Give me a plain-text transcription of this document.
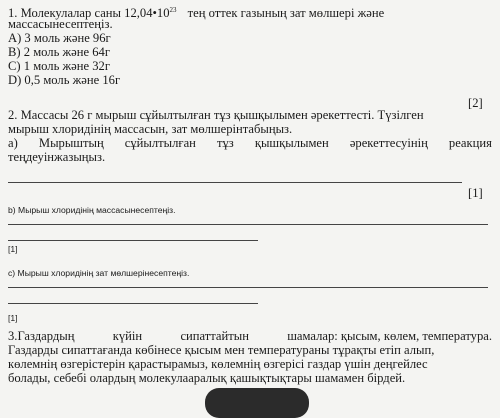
1. Молекулалар саны $12,04•10^{23}$ тең оттек газының зат мөлшері және
массасынесептеңіз.
A) 3 моль және 96г
B) 2 моль және 64г
C) 1 моль және 32г
D) 0,5 моль және 16г
[2]
2. Массасы 26 г мырыш сұйылтылған тұз қышқылымен әрекеттесті. Түзілген
мырыш хлоридінің массасын, зат мөлшерінтабыңыз.
а) Мырыштың сұйылтылған тұз қышқылымен әрекеттесуінің реакция
теңдеуінжазыңыз.
[1]
b) Мырыш хлоридінің массасынесептеңіз.
[1]
c) Мырыш хлоридінің зат мөлшерінесептеңіз.
[1]
3.Газдардың	күйін	сипаттайтын	шамалар: қысым, көлем, температура.
Газдарды сипаттағанда көбінесе қысым мен температураны тұрақты етіп алып,
көлемнің өзгерістерін қарастырамыз, көлемнің өзгерісі газдар үшін деңгейлес
болады, себебі олардың молекулааралық қашықтықтары шамамен бірдей.
